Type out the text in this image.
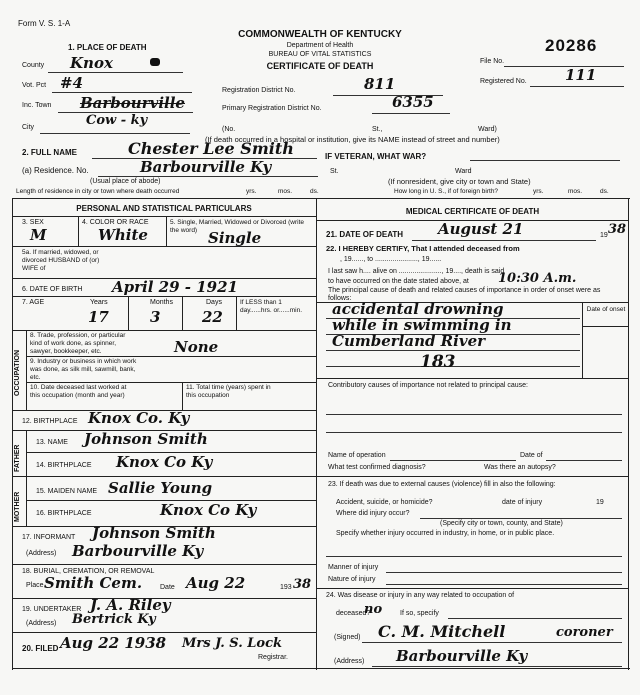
Form V. S. 1-A
COMMONWEALTH OF KENTUCKY
Department of Health
BUREAU OF VITAL STATISTICS
CERTIFICATE OF DEATH
20286
1. PLACE OF DEATH
County Knox
Vot. Pct #4
Inc. Town Barbourville
Cow - ky
City
File No.
Registered No.	111
Registration District No.	811
Primary Registration District No.	6355
(No.	St.,	Ward)
(If death occurred in a hospital or institution, give its NAME instead of street and number)
2. FULL NAME	Chester Lee Smith	IF VETERAN, WHAT WAR?
(a) Residence. No.	Barbourville Ky	St.	Ward
(Usual place of abode)	(If nonresident, give city or town and State)
Length of residence in city or town where death occurred	yrs.	mos.	ds.	How long in U. S., if of foreign birth?	yrs.	mos.	ds.
PERSONAL AND STATISTICAL PARTICULARS	MEDICAL CERTIFICATE OF DEATH
3. SEX
M
4. COLOR OR RACE
White
5. Single, Married, Widowed or Divorced (write the word) Single
5a. If married, widowed, or divorced HUSBAND of (or) WIFE of
6. DATE OF BIRTH April 29 - 1921
7. AGE	Years	Months	Days
17	3	22
If LESS than 1 day......hrs. or......min.
OCCUPATION
8. Trade, profession, or particular kind of work done, as spinner, sawyer, bookkeeper, etc.	None
9. Industry or business in which work was done, as silk mill, sawmill, bank, etc.
10. Date deceased last worked at this occupation (month and year)
11. Total time (years) spent in this occupation
12. BIRTHPLACE Knox Co. Ky
FATHER
13. NAME Johnson Smith
14. BIRTHPLACE Knox Co Ky
MOTHER
15. MAIDEN NAME Sallie Young
16. BIRTHPLACE	Knox Co Ky
17. INFORMANT Johnson Smith
(Address) Barbourville Ky
18. BURIAL, CREMATION, OR REMOVAL
Place Smith Cem.	Date Aug 22	193 38
19. UNDERTAKER J. A. Riley
(Address) Bertrick Ky
20. FILED Aug 22 1938 Mrs J. S. Lock
Registrar.
21. DATE OF DEATH August 21	19 38
22. I HEREBY CERTIFY, That I attended deceased from
, 19......, to ......................, 19......
I last saw h.... alive on ......................, 19...., death is said
to have occurred on the date stated above, at 10:30 A.m.
The principal cause of death and related causes of importance in order of onset were as follows:
Date of onset
accidental drowning
while in swimming in
Cumberland River
183
Contributory causes of importance not related to principal cause:
Name of operation	Date of
What test confirmed diagnosis?	Was there an autopsy?
23. If death was due to external causes (violence) fill in also the following:
Accident, suicide, or homicide?	date of injury	19
Where did injury occur?
(Specify city or town, county, and State)
Specify whether injury occurred in industry, in home, or in public place.
Manner of injury
Nature of injury
24. Was disease or injury in any way related to occupation of
deceased?
no	If so, specify
(Signed) C. M. Mitchell	coroner
(Address) Barbourville Ky
